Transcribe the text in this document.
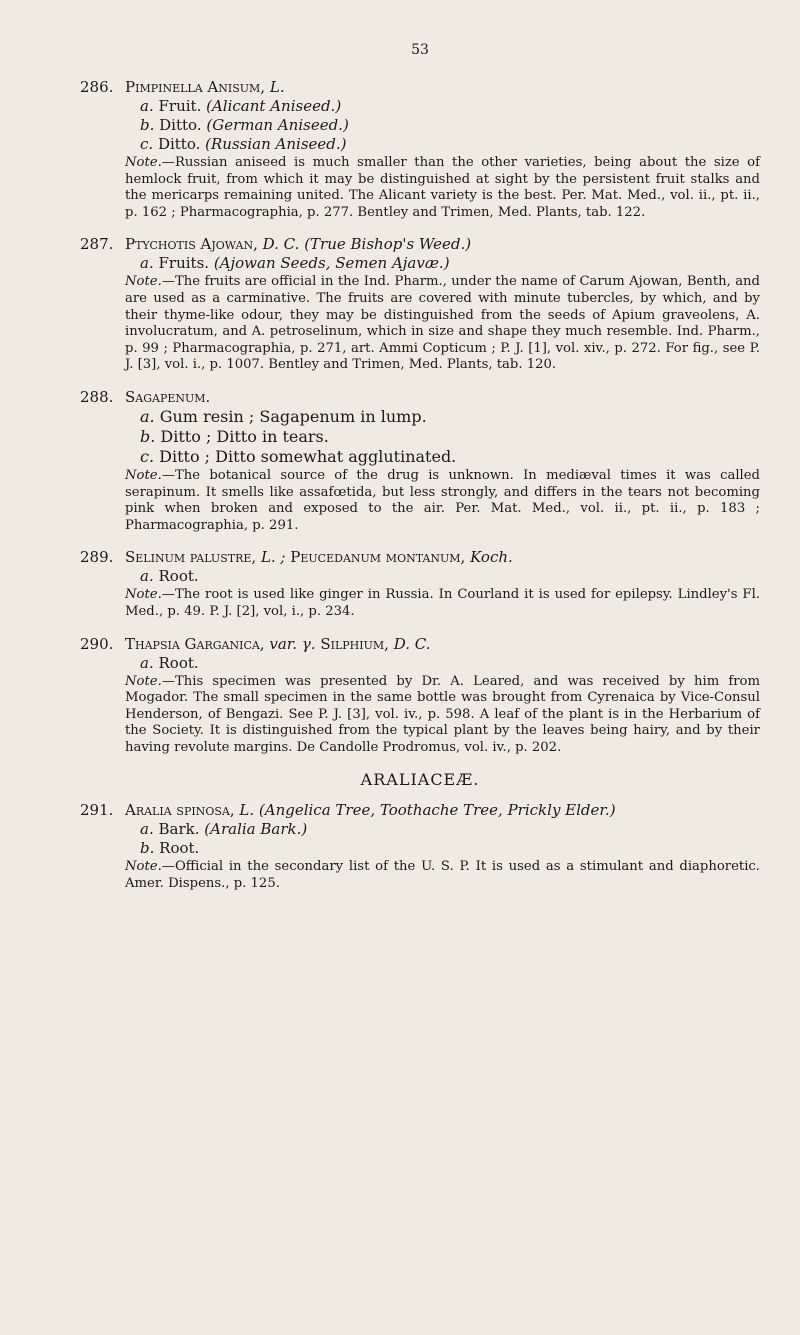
53
286. Pimpinella Anisum, L.
a. Fruit. (Alicant Aniseed.)
b. Ditto. (German Aniseed.)
c. Ditto. (Russian Aniseed.)
Note.—Russian aniseed is much smaller than the other varieties, being about the size of hemlock fruit, from which it may be distinguished at sight by the persistent fruit stalks and the mericarps remaining united. The Alicant variety is the best. Per. Mat. Med., vol. ii., pt. ii., p. 162 ; Pharmacographia, p. 277. Bentley and Trimen, Med. Plants, tab. 122.
287. Ptychotis Ajowan, D. C. (True Bishop's Weed.)
a. Fruits. (Ajowan Seeds, Semen Ajavæ.)
Note.—The fruits are official in the Ind. Pharm., under the name of Carum Ajowan, Benth, and are used as a carminative. The fruits are covered with minute tubercles, by which, and by their thyme-like odour, they may be distinguished from the seeds of Apium graveolens, A. involucratum, and A. petroselinum, which in size and shape they much resemble. Ind. Pharm., p. 99 ; Pharmacographia, p. 271, art. Ammi Copticum ; P. J. [1], vol. xiv., p. 272. For fig., see P. J. [3], vol. i., p. 1007. Bentley and Trimen, Med. Plants, tab. 120.
288. Sagapenum.
a. Gum resin ; Sagapenum in lump.
b. Ditto ; Ditto in tears.
c. Ditto ; Ditto somewhat agglutinated.
Note.—The botanical source of the drug is unknown. In mediæval times it was called serapinum. It smells like assafœtida, but less strongly, and differs in the tears not becoming pink when broken and exposed to the air. Per. Mat. Med., vol. ii., pt. ii., p. 183 ; Pharmacographia, p. 291.
289. Selinum palustre, L. ; Peucedanum montanum, Koch.
a. Root.
Note.—The root is used like ginger in Russia. In Courland it is used for epilepsy. Lindley's Fl. Med., p. 49. P. J. [2], vol, i., p. 234.
290. Thapsia Garganica, var. γ. Silphium, D. C.
a. Root.
Note.—This specimen was presented by Dr. A. Leared, and was received by him from Mogador. The small specimen in the same bottle was brought from Cyrenaica by Vice-Consul Henderson, of Bengazi. See P. J. [3], vol. iv., p. 598. A leaf of the plant is in the Herbarium of the Society. It is distinguished from the typical plant by the leaves being hairy, and by their having revolute margins. De Candolle Prodromus, vol. iv., p. 202.
ARALIACEÆ.
291. Aralia spinosa, L. (Angelica Tree, Toothache Tree, Prickly Elder.)
a. Bark. (Aralia Bark.)
b. Root.
Note.—Official in the secondary list of the U. S. P. It is used as a stimulant and diaphoretic. Amer. Dispens., p. 125.
